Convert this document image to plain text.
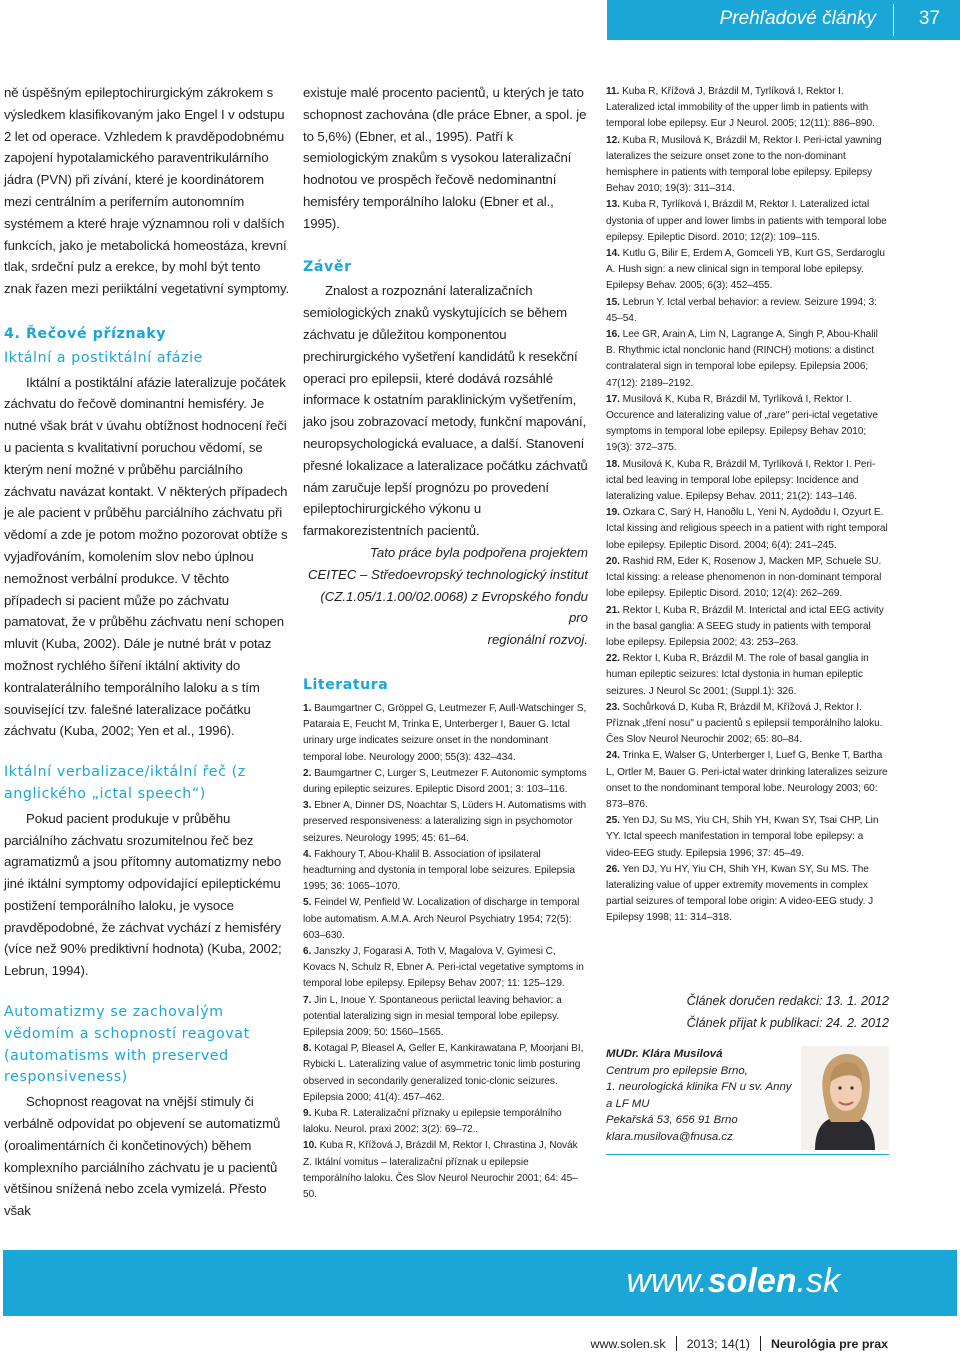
Prehľadové články 37

ně úspěšným epileptochirurgickým zákrokem s výsledkem klasifikovaným jako Engel I v odstupu 2 let od operace. Vzhledem k pravděpodobnému zapojení hypotalamického paraventrikulárního jádra (PVN) při zívání, které je koordinátorem mezi centrálním a periferním autonomním systémem a které hraje významnou roli v dalších funkcích, jako je metabolická homeostáza, krevní tlak, srdeční pulz a erekce, by mohl být tento znak řazen mezi periiktální vegetativní symptomy.

4. Řečové příznaky
Iktální a postiktální afázie

Iktální a postiktální afázie lateralizuje počátek záchvatu do řečově dominantní hemisféry. Je nutné však brát v úvahu obtížnost hodnocení řeči u pacienta s kvalitativní poruchou vědomí, se kterým není možné v průběhu parciálního záchvatu navázat kontakt. V některých případech je ale pacient v průběhu parciálního záchvatu při vědomí a zde je potom možno pozorovat obtíže s vyjadřováním, komolením slov nebo úplnou nemožnost verbální produkce. V těchto případech si pacient může po záchvatu pamatovat, že v průběhu záchvatu není schopen mluvit (Kuba, 2002). Dále je nutné brát v potaz možnost rychlého šíření iktální aktivity do kontralaterálního temporálního laloku a s tím související tzv. falešné lateralizace počátku záchvatu (Kuba, 2002; Yen et al., 1996).

Iktální verbalizace/iktální řeč (z anglického „ictal speech“)

Pokud pacient produkuje v průběhu parciálního záchvatu srozumitelnou řeč bez agramatizmů a jsou přítomny automatizmy nebo jiné iktální symptomy odpovídající epileptickému postižení temporálního laloku, je vysoce pravděpodobné, že záchvat vychází z hemisféry (více než 90% prediktivní hodnota) (Kuba, 2002; Lebrun, 1994).

Automatizmy se zachovalým vědomím a schopností reagovat (automatisms with preserved responsiveness)

Schopnost reagovat na vnější stimuly či verbálně odpovídat po objevení se automatizmů (oroalimentárních či končetinových) během komplexního parciálního záchvatu je u pacientů většinou snížená nebo zcela vymizelá. Přesto však

existuje malé procento pacientů, u kterých je tato schopnost zachována (dle práce Ebner, a spol. je to 5,6%) (Ebner, et al., 1995). Patří k semiologickým znakům s vysokou lateralizační hodnotou ve prospěch řečově nedominantní hemisféry temporálního laloku (Ebner et al., 1995).

Závěr

Znalost a rozpoznání lateralizačních semiologických znaků vyskytujících se během záchvatu je důležitou komponentou prechirurgického vyšetření kandidátů k resekční operaci pro epilepsii, které dodává rozsáhlé informace k ostatním paraklinickým vyšetřením, jako jsou zobrazovací metody, funkční mapování, neuropsychologická evaluace, a další. Stanovení přesné lokalizace a lateralizace počátku záchvatů nám zaručuje lepší prognózu po provedení epileptochirurgického výkonu u farmakorezistentních pacientů.

Tato práce byla podpořena projektem
CEITEC – Středoevropský technologický institut
(CZ.1.05/1.1.00/02.0068) z Evropského fondu pro
regionální rozvoj.
Literatura
1. Baumgartner C, Gröppel G, Leutmezer F, Aull-Watschinger S, Pataraia E, Feucht M, Trinka E, Unterberger I, Bauer G. Ictal urinary urge indicates seizure onset in the nondominant temporal lobe. Neurology 2000; 55(3): 432–434.
2. Baumgartner C, Lurger S, Leutmezer F. Autonomic symptoms during epileptic seizures. Epileptic Disord 2001; 3: 103–116.
3. Ebner A, Dinner DS, Noachtar S, Lüders H. Automatisms with preserved responsiveness: a lateralizing sign in psychomotor seizures. Neurology 1995; 45: 61–64.
4. Fakhoury T, Abou-Khalil B. Association of ipsilateral headturning and dystonia in temporal lobe seizures. Epilepsia 1995; 36: 1065–1070.
5. Feindel W, Penfield W. Localization of discharge in temporal lobe automatism. A.M.A. Arch Neurol Psychiatry 1954; 72(5): 603–630.
6. Janszky J, Fogarasi A, Toth V, Magalova V, Gyimesi C, Kovacs N, Schulz R, Ebner A. Peri-ictal vegetative symptoms in temporal lobe epilepsy. Epilepsy Behav 2007; 11: 125–129.
7. Jin L, Inoue Y. Spontaneous periictal leaving behavior: a potential lateralizing sign in mesial temporal lobe epilepsy. Epilepsia 2009; 50: 1560–1565.
8. Kotagal P, Bleasel A, Geller E, Kankirawatana P, Moorjani BI, Rybicki L. Lateralizing value of asymmetric tonic limb posturing observed in secondarily generalized tonic-clonic seizures. Epilepsia 2000; 41(4): 457–462.
9. Kuba R. Lateralizační příznaky u epilepsie temporálního laloku. Neurol. praxi 2002; 3(2): 69–72..
10. Kuba R, Křížová J, Brázdil M, Rektor I, Chrastina J, Novák Z. Iktální vomitus – lateralizační příznak u epilepsie temporálního laloku. Čes Slov Neurol Neurochir 2001; 64: 45–50.
11. Kuba R, Křížová J, Brázdil M, Tyrlíková I, Rektor I. Lateralized ictal immobility of the upper limb in patients with temporal lobe epilepsy. Eur J Neurol. 2005; 12(11): 886–890.
12. Kuba R, Musilová K, Brázdil M, Rektor I. Peri-ictal yawning lateralizes the seizure onset zone to the non-dominant hemisphere in patients with temporal lobe epilepsy. Epilepsy Behav 2010; 19(3): 311–314.
13. Kuba R, Tyrlíková I, Brázdil M, Rektor I. Lateralized ictal dystonia of upper and lower limbs in patients with temporal lobe epilepsy. Epileptic Disord. 2010; 12(2): 109–115.
14. Kutlu G, Bilir E, Erdem A, Gomceli YB, Kurt GS, Serdaroglu A. Hush sign: a new clinical sign in temporal lobe epilepsy. Epilepsy Behav. 2005; 6(3): 452–455.
15. Lebrun Y. Ictal verbal behavior: a review. Seizure 1994; 3: 45–54.
16. Lee GR, Arain A, Lim N, Lagrange A, Singh P, Abou-Khalil B. Rhythmic ictal nonclonic hand (RINCH) motions: a distinct contralateral sign in temporal lobe epilepsy. Epilepsia 2006; 47(12): 2189–2192.
17. Musilová K, Kuba R, Brázdil M, Tyrlíková I, Rektor I. Occurence and lateralizing value of „rare" peri-ictal vegetative symptoms in temporal lobe epilepsy. Epilepsy Behav 2010; 19(3): 372–375.
18. Musilová K, Kuba R, Brázdil M, Tyrlíková I, Rektor I. Peri-ictal bed leaving in temporal lobe epilepsy: Incidence and lateralizing value. Epilepsy Behav. 2011; 21(2): 143–146.
19. Ozkara C, Sarý H, Hanoðlu L, Yeni N, Aydoðdu I, Ozyurt E. Ictal kissing and religious speech in a patient with right temporal lobe epilepsy. Epileptic Disord. 2004; 6(4): 241–245.
20. Rashid RM, Eder K, Rosenow J, Macken MP, Schuele SU. Ictal kissing: a release phenomenon in non-dominant temporal lobe epilepsy. Epileptic Disord. 2010; 12(4): 262–269.
21. Rektor I, Kuba R, Brázdil M. Interictal and ictal EEG activity in the basal ganglia: A SEEG study in patients with temporal lobe epilepsy. Epilepsia 2002; 43: 253–263.
22. Rektor I, Kuba R, Brázdil M. The role of basal ganglia in human epileptic seizures: Ictal dystonia in human epileptic seizures. J Neurol Sc 2001; (Suppl.1): 326.
23. Sochůrková D, Kuba R, Brázdil M, Křížová J, Rektor I. Příznak „tření nosu" u pacientů s epilepsií temporálního laloku. Čes Slov Neurol Neurochir 2002; 65: 80–84.
24. Trinka E, Walser G, Unterberger I, Luef G, Benke T, Bartha L, Ortler M, Bauer G. Peri-ictal water drinking lateralizes seizure onset to the nondominant temporal lobe. Neurology 2003; 60: 873–876.
25. Yen DJ, Su MS, Yiu CH, Shih YH, Kwan SY, Tsai CHP, Lin YY. Ictal speech manifestation in temporal lobe epilepsy: a video-EEG study. Epilepsia 1996; 37: 45–49.
26. Yen DJ, Yu HY, Yiu CH, Shih YH, Kwan SY, Su MS. The lateralizing value of upper extremity movements in complex partial seizures of temporal lobe origin: A video-EEG study. J Epilepsy 1998; 11: 314–318.
Článek doručen redakci: 13. 1. 2012
Článek přijat k publikaci: 24. 2. 2012
MUDr. Klára Musilová
Centrum pro epilepsie Brno,
1. neurologická klinika FN u sv. Anny
a LF MU
Pekařská 53, 656 91 Brno
klara.musilova@fnusa.cz
www.solen.sk
www.solen.sk 2013; 14(1) Neurológia pre prax
